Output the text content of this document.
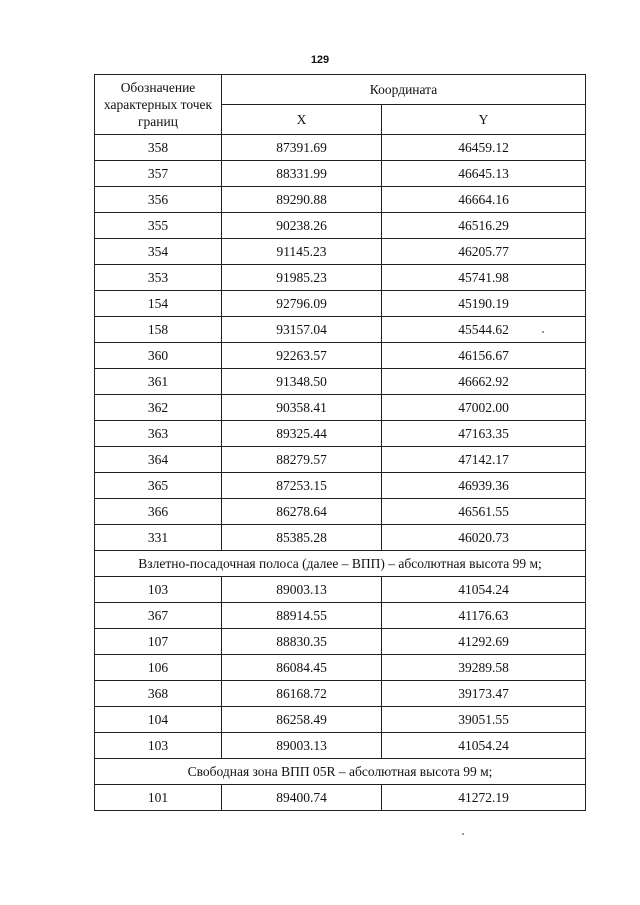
129
Обозначение характерных точек границ	Координата	
	X	Y
358	87391.69	46459.12
357	88331.99	46645.13
356	89290.88	46664.16
355	90238.26	46516.29
354	91145.23	46205.77
353	91985.23	45741.98
154	92796.09	45190.19
158	93157.04	45544.62
360	92263.57	46156.67
361	91348.50	46662.92
362	90358.41	47002.00
363	89325.44	47163.35
364	88279.57	47142.17
365	87253.15	46939.36
366	86278.64	46561.55
331	85385.28	46020.73
Взлетно-посадочная полоса (далее – ВПП) – абсолютная высота 99 м;		
103	89003.13	41054.24
367	88914.55	41176.63
107	88830.35	41292.69
106	86084.45	39289.58
368	86168.72	39173.47
104	86258.49	39051.55
103	89003.13	41054.24
Свободная зона ВПП 05R – абсолютная высота 99 м;		
101	89400.74	41272.19
